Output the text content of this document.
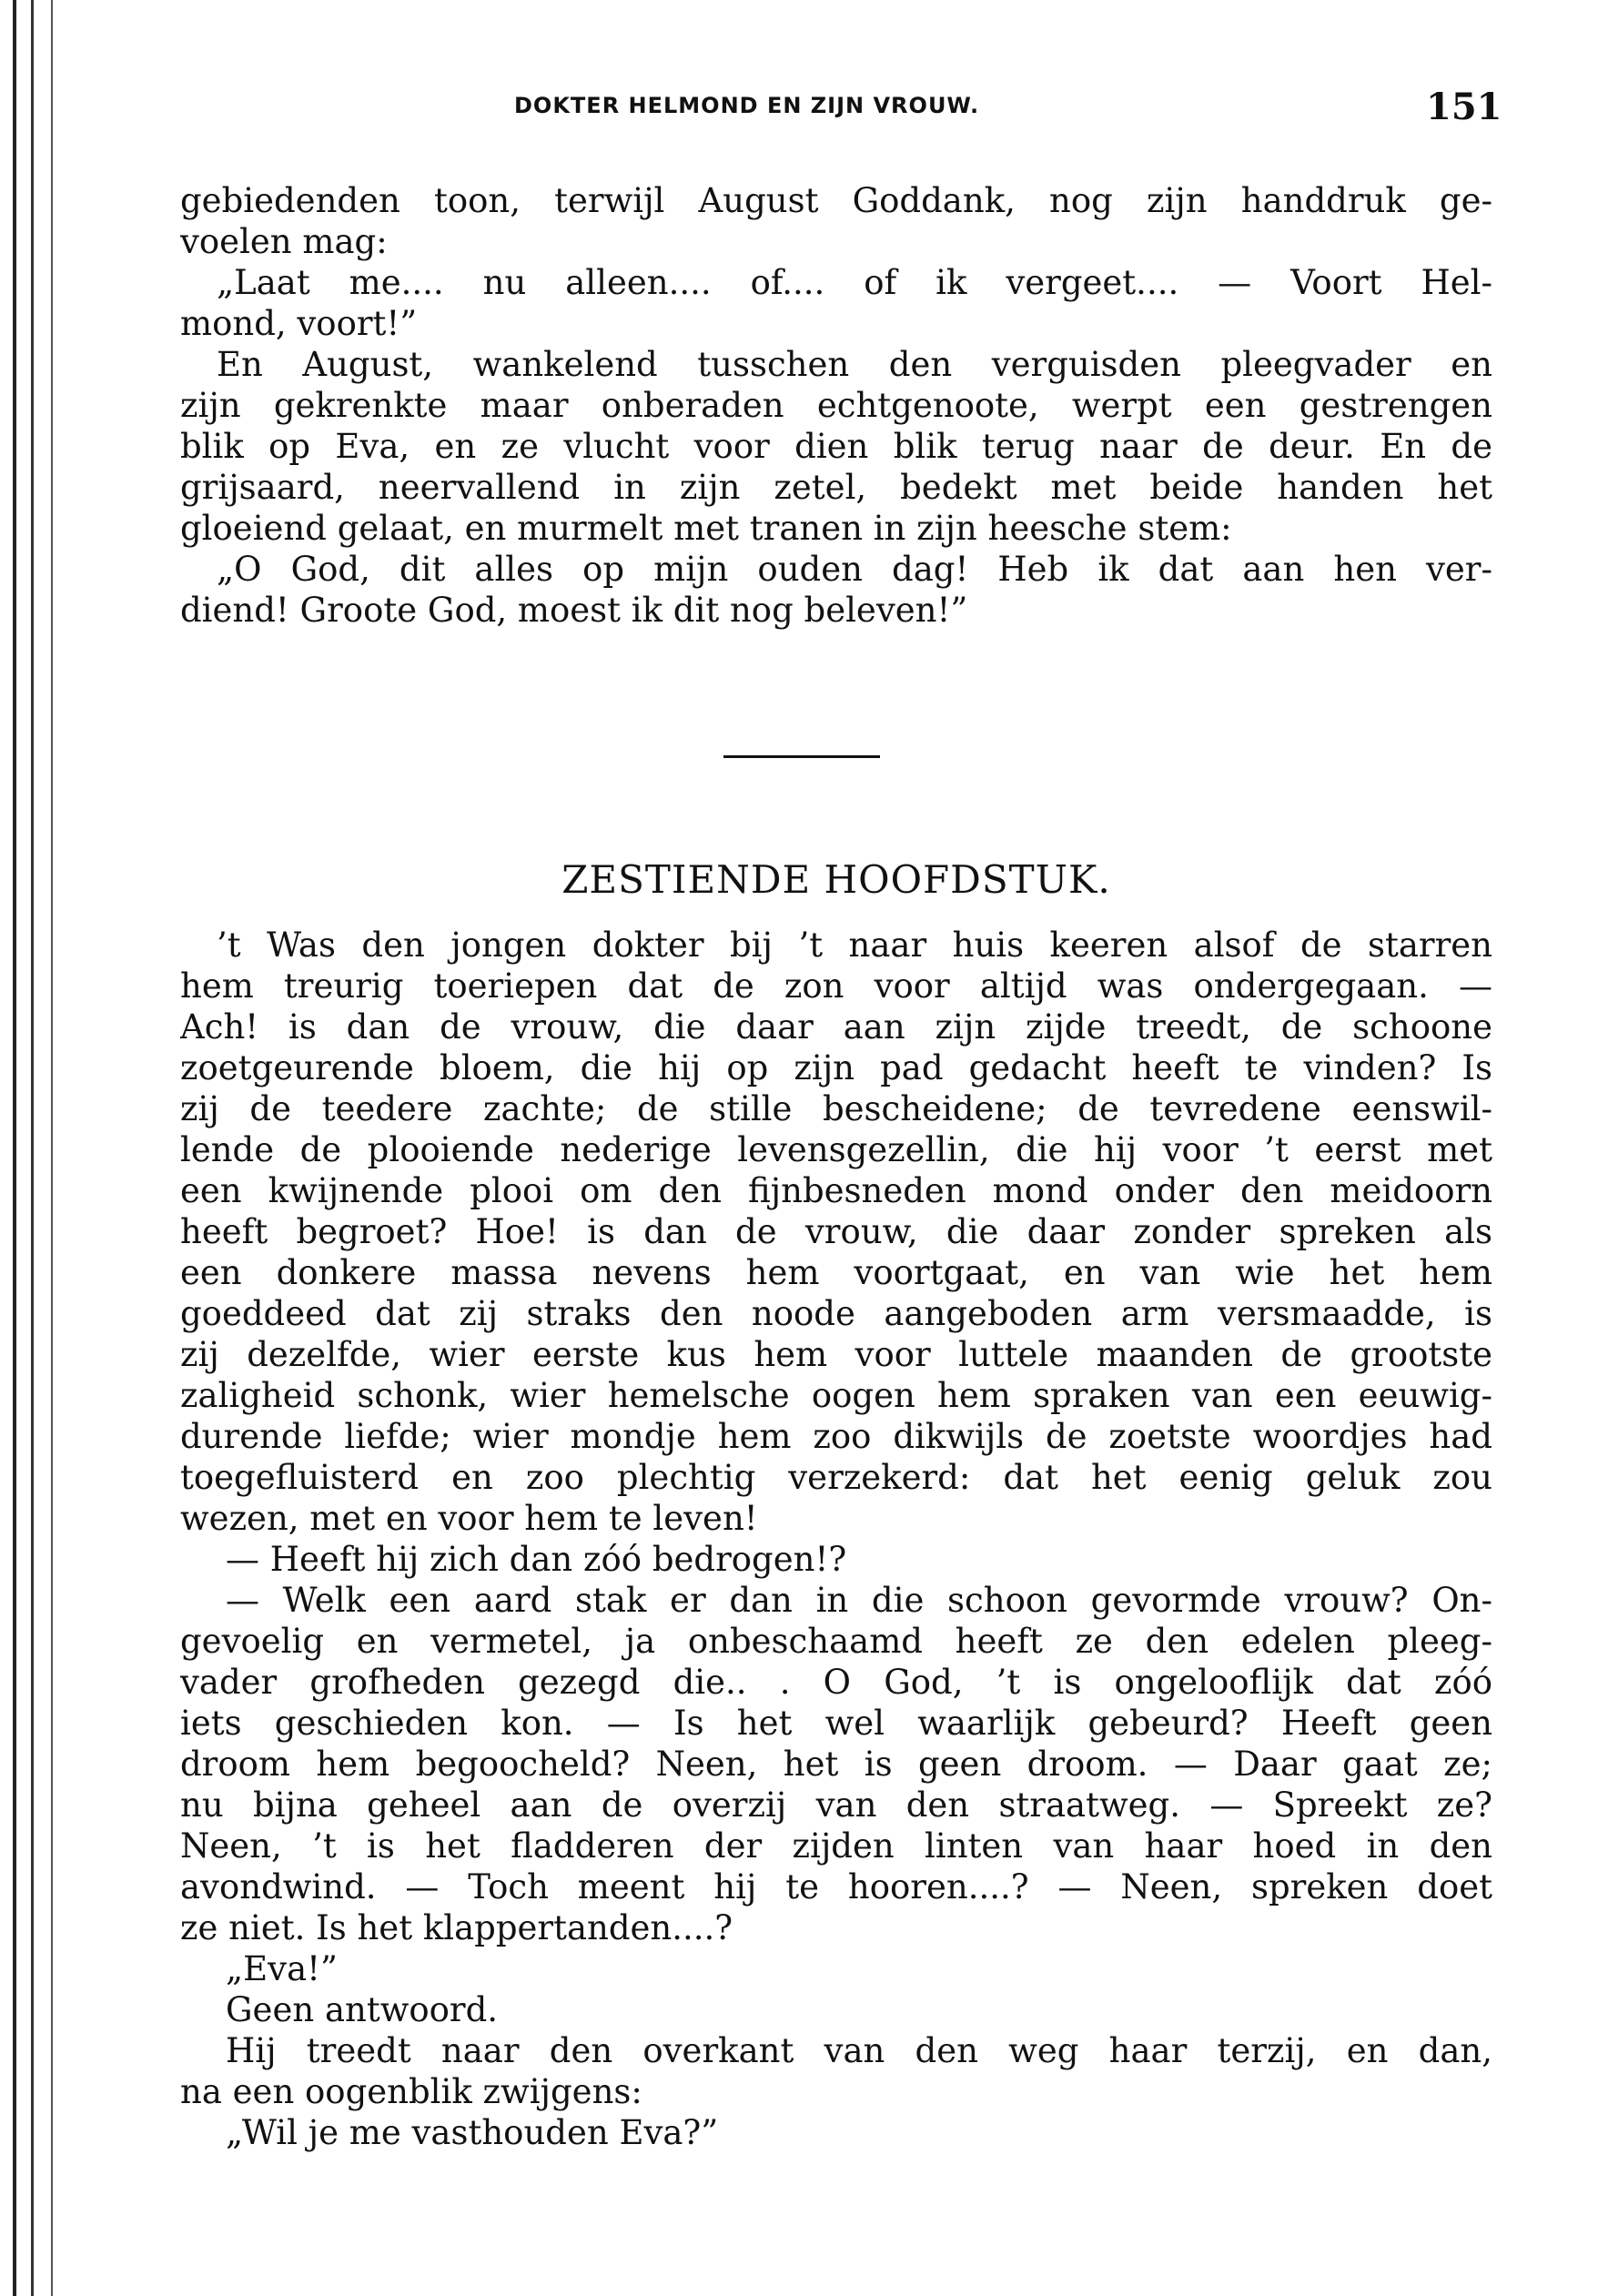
DOKTER HELMOND EN ZIJN VROUW.	151
gebiedenden toon, terwijl August Goddank, nog zijn handdruk ge-
voelen mag:
„Laat me.... nu alleen.... of.... of ik vergeet.... — Voort Hel-
mond, voort!”
En August, wankelend tusschen den verguisden pleegvader en
zijn gekrenkte maar onberaden echtgenoote, werpt een gestrengen
blik op Eva, en ze vlucht voor dien blik terug naar de deur. En de
grijsaard, neervallend in zijn zetel, bedekt met beide handen het
gloeiend gelaat, en murmelt met tranen in zijn heesche stem:
„O God, dit alles op mijn ouden dag! Heb ik dat aan hen ver-
diend! Groote God, moest ik dit nog beleven!”
ZESTIENDE HOOFDSTUK.
’t Was den jongen dokter bij ’t naar huis keeren alsof de starren
hem treurig toeriepen dat de zon voor altijd was ondergegaan. —
Ach! is dan de vrouw, die daar aan zijn zijde treedt, de schoone
zoetgeurende bloem, die hij op zijn pad gedacht heeft te vinden? Is
zij de teedere zachte; de stille bescheidene; de tevredene eenswil-
lende de plooiende nederige levensgezellin, die hij voor ’t eerst met
een kwijnende plooi om den fijnbesneden mond onder den meidoorn
heeft begroet? Hoe! is dan de vrouw, die daar zonder spreken als
een donkere massa nevens hem voortgaat, en van wie het hem
goeddeed dat zij straks den noode aangeboden arm versmaadde, is
zij dezelfde, wier eerste kus hem voor luttele maanden de grootste
zaligheid schonk, wier hemelsche oogen hem spraken van een eeuwig-
durende liefde; wier mondje hem zoo dikwijls de zoetste woordjes had
toegefluisterd en zoo plechtig verzekerd: dat het eenig geluk zou
wezen, met en voor hem te leven!
— Heeft hij zich dan zóó bedrogen!?
— Welk een aard stak er dan in die schoon gevormde vrouw? On-
gevoelig en vermetel, ja onbeschaamd heeft ze den edelen pleeg-
vader grofheden gezegd die.. . O God, ’t is ongelooflijk dat zóó
iets geschieden kon. — Is het wel waarlijk gebeurd? Heeft geen
droom hem begoocheld? Neen, het is geen droom. — Daar gaat ze;
nu bijna geheel aan de overzij van den straatweg. — Spreekt ze?
Neen, ’t is het fladderen der zijden linten van haar hoed in den
avondwind. — Toch meent hij te hooren....? — Neen, spreken doet
ze niet. Is het klappertanden....?
„Eva!”
Geen antwoord.
Hij treedt naar den overkant van den weg haar terzij, en dan,
na een oogenblik zwijgens:
„Wil je me vasthouden Eva?”
